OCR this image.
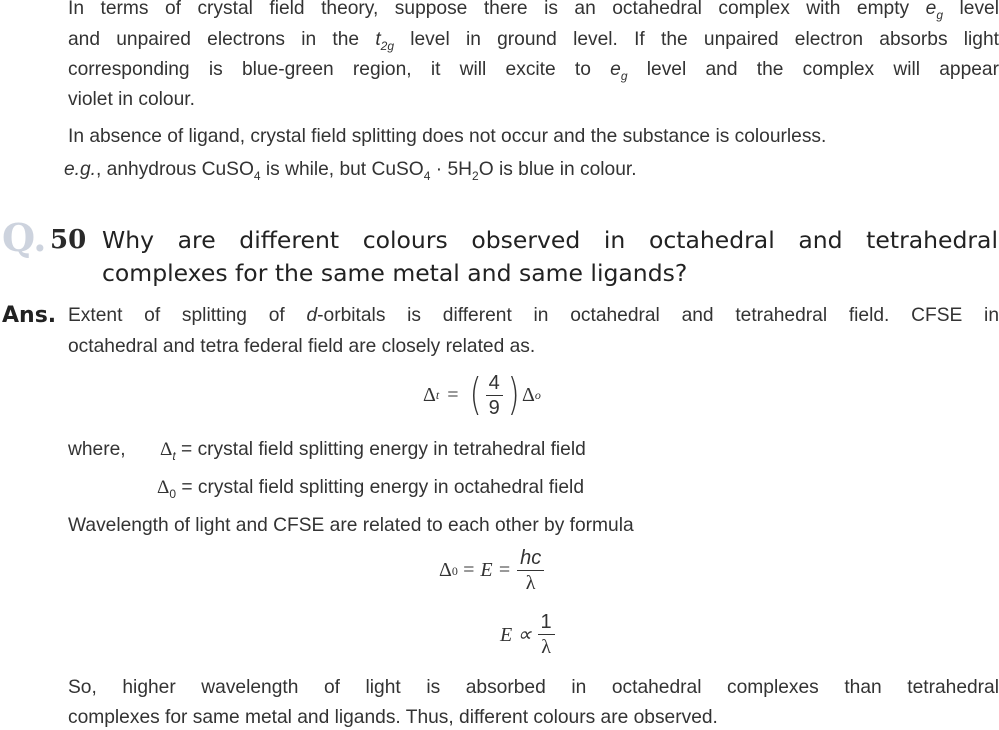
In terms of crystal field theory, suppose there is an octahedral complex with empty $e_g$ level
and unpaired electrons in the $t_{2g}$ level in ground level. If the unpaired electron absorbs light
corresponding is blue-green region, it will excite to $e_g$ level and the complex will appear
violet in colour.
In absence of ligand, crystal field splitting does not occur and the substance is colourless.
e.g., anhydrous CuSO$_4$ is while, but CuSO$_4$ · $5H_2O$ is blue in colour.
Q. 50 Why are different colours observed in octahedral and tetrahedral
complexes for the same metal and same ligands?
Ans. Extent of splitting of d-orbitals is different in octahedral and tetrahedral field. CFSE in
octahedral and tetra federal field are closely related as.
Δ t = ( $\frac{4}{9}$ ) Δ o
where, $\Delta_t$ = crystal field splitting energy in tetrahedral field
$\Delta_0$ = crystal field splitting energy in octahedral field
Wavelength of light and CFSE are related to each other by formula
Δ $0 = E = \frac{hc}{\lambda}$
$E \propto \frac{1}{\lambda}$
So, higher wavelength of light is absorbed in octahedral complexes than tetrahedral
complexes for same metal and ligands. Thus, different colours are observed.
